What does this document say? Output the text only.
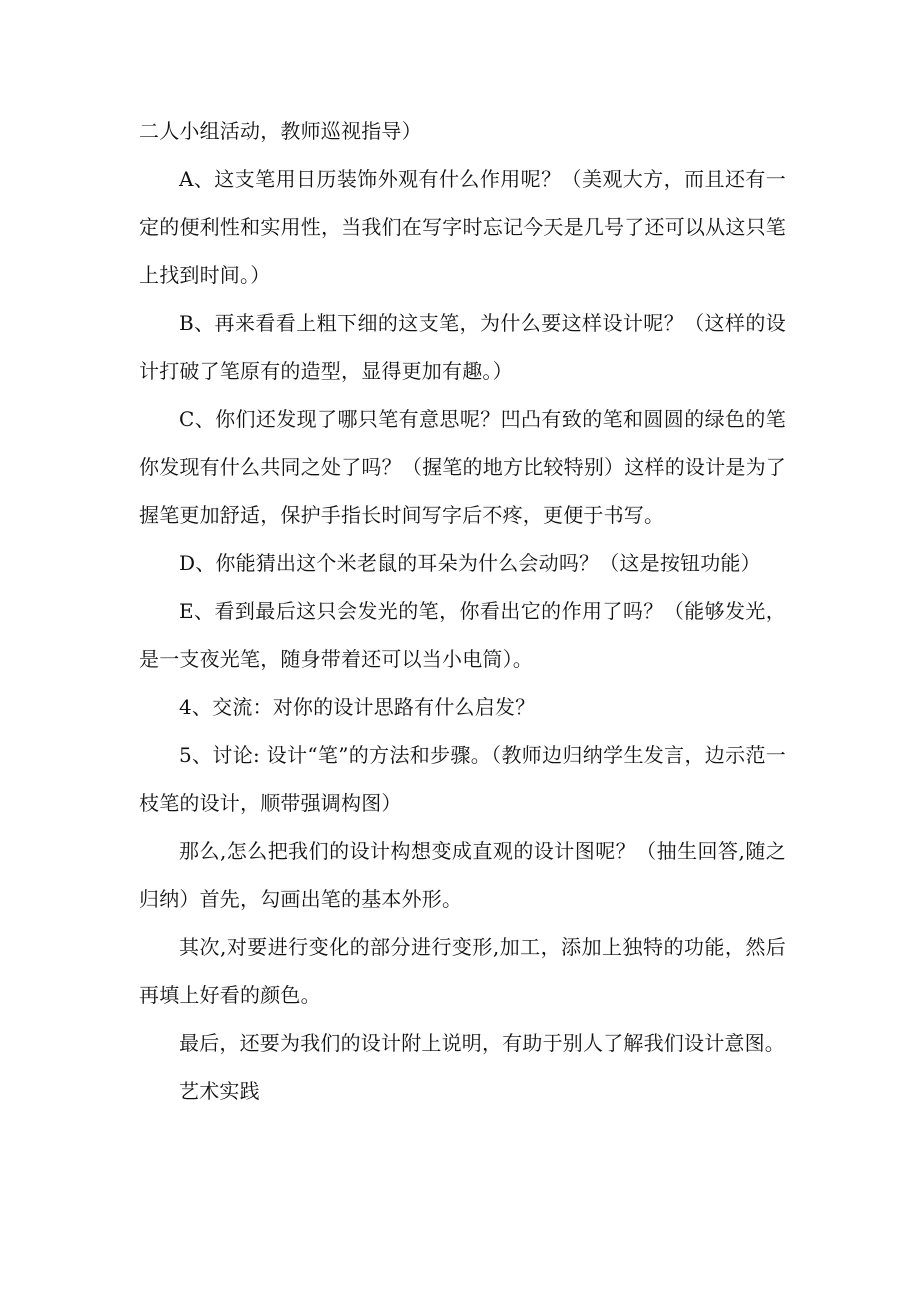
二人小组活动，教师巡视指导）

A、这支笔用日历装饰外观有什么作用呢？（美观大方，而且还有一定的便利性和实用性，当我们在写字时忘记今天是几号了还可以从这只笔上找到时间。）

B、再来看看上粗下细的这支笔，为什么要这样设计呢？（这样的设计打破了笔原有的造型，显得更加有趣。）

C、你们还发现了哪只笔有意思呢？凹凸有致的笔和圆圆的绿色的笔你发现有什么共同之处了吗？（握笔的地方比较特别）这样的设计是为了握笔更加舒适，保护手指长时间写字后不疼，更便于书写。

D、你能猜出这个米老鼠的耳朵为什么会动吗？（这是按钮功能）

E、看到最后这只会发光的笔，你看出它的作用了吗？（能够发光，是一支夜光笔，随身带着还可以当小电筒）。

4、交流：对你的设计思路有什么启发？

5、讨论: 设计“笔”的方法和步骤。（教师边归纳学生发言，边示范一枝笔的设计，顺带强调构图）

那么,怎么把我们的设计构想变成直观的设计图呢？（抽生回答,随之归纳）首先，勾画出笔的基本外形。

其次,对要进行变化的部分进行变形,加工，添加上独特的功能，然后再填上好看的颜色。

最后，还要为我们的设计附上说明，有助于别人了解我们设计意图。

艺术实践
